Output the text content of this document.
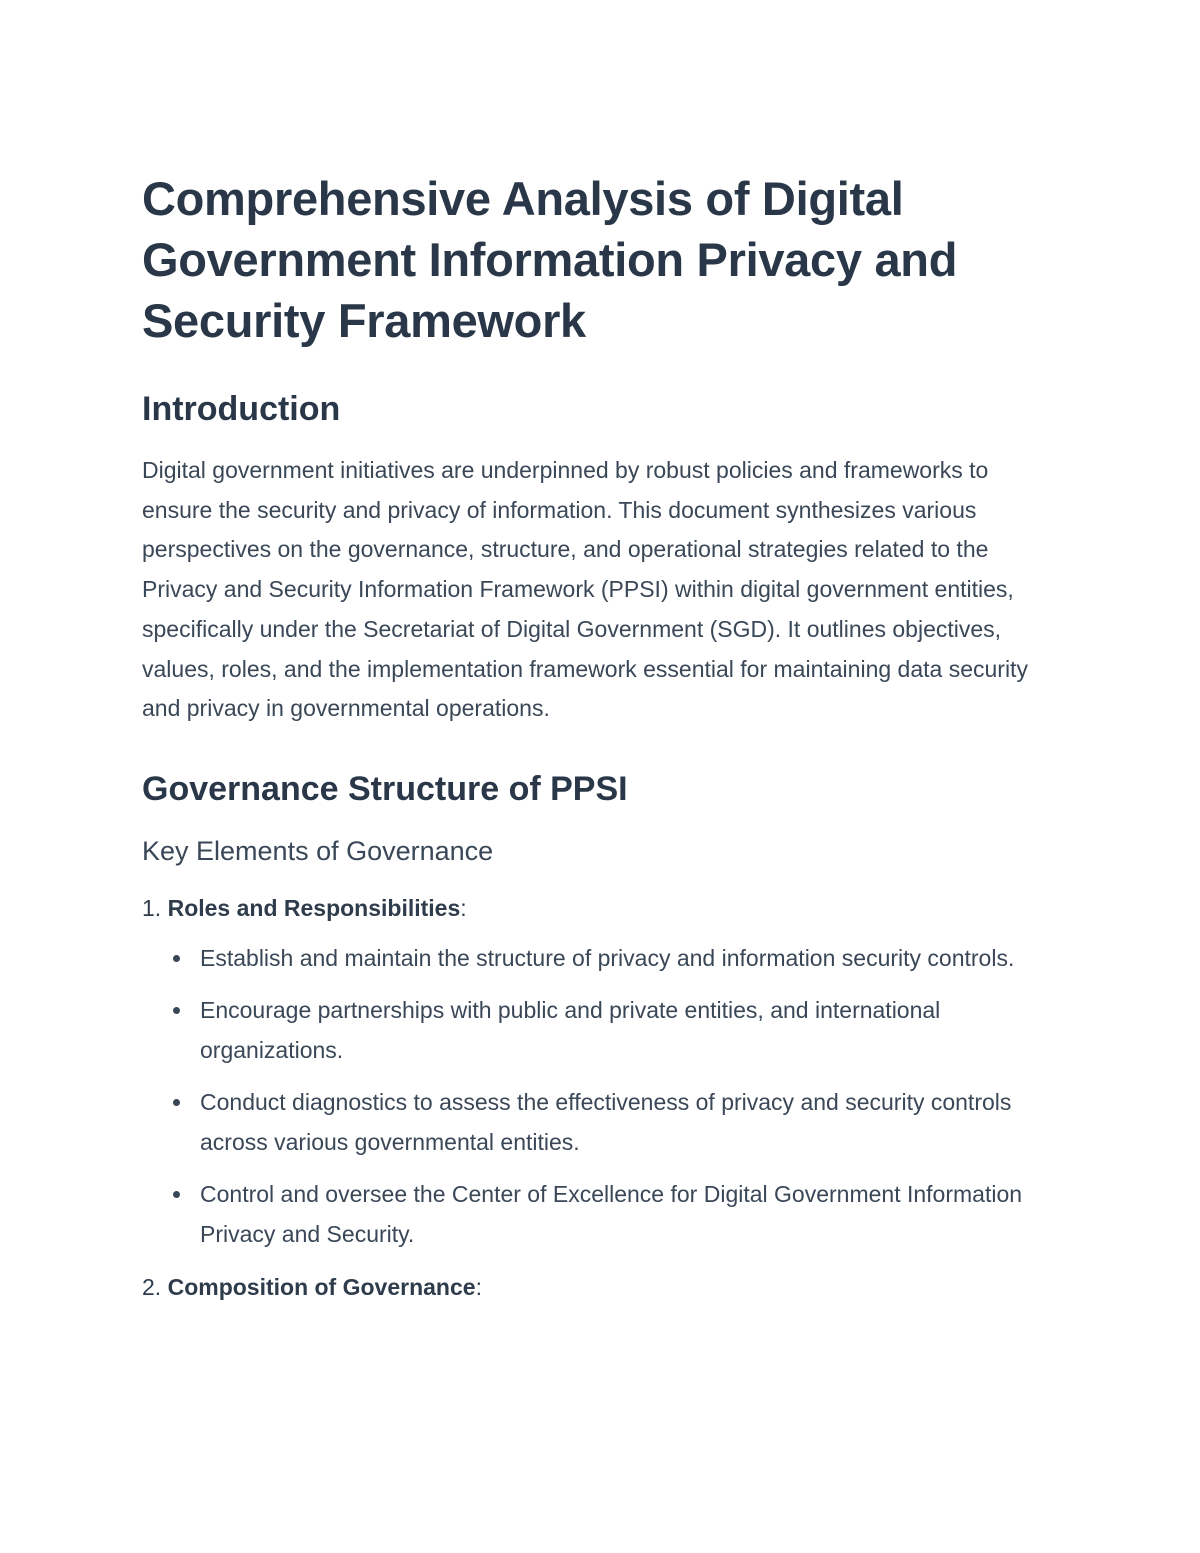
Comprehensive Analysis of Digital Government Information Privacy and Security Framework
Introduction

Digital government initiatives are underpinned by robust policies and frameworks to ensure the security and privacy of information. This document synthesizes various perspectives on the governance, structure, and operational strategies related to the Privacy and Security Information Framework (PPSI) within digital government entities, specifically under the Secretariat of Digital Government (SGD). It outlines objectives, values, roles, and the implementation framework essential for maintaining data security and privacy in governmental operations.

Governance Structure of PPSI
Key Elements of Governance
1. Roles and Responsibilities:
Establish and maintain the structure of privacy and information security controls.
Encourage partnerships with public and private entities, and international organizations.
Conduct diagnostics to assess the effectiveness of privacy and security controls across various governmental entities.
Control and oversee the Center of Excellence for Digital Government Information Privacy and Security.
2. Composition of Governance:
